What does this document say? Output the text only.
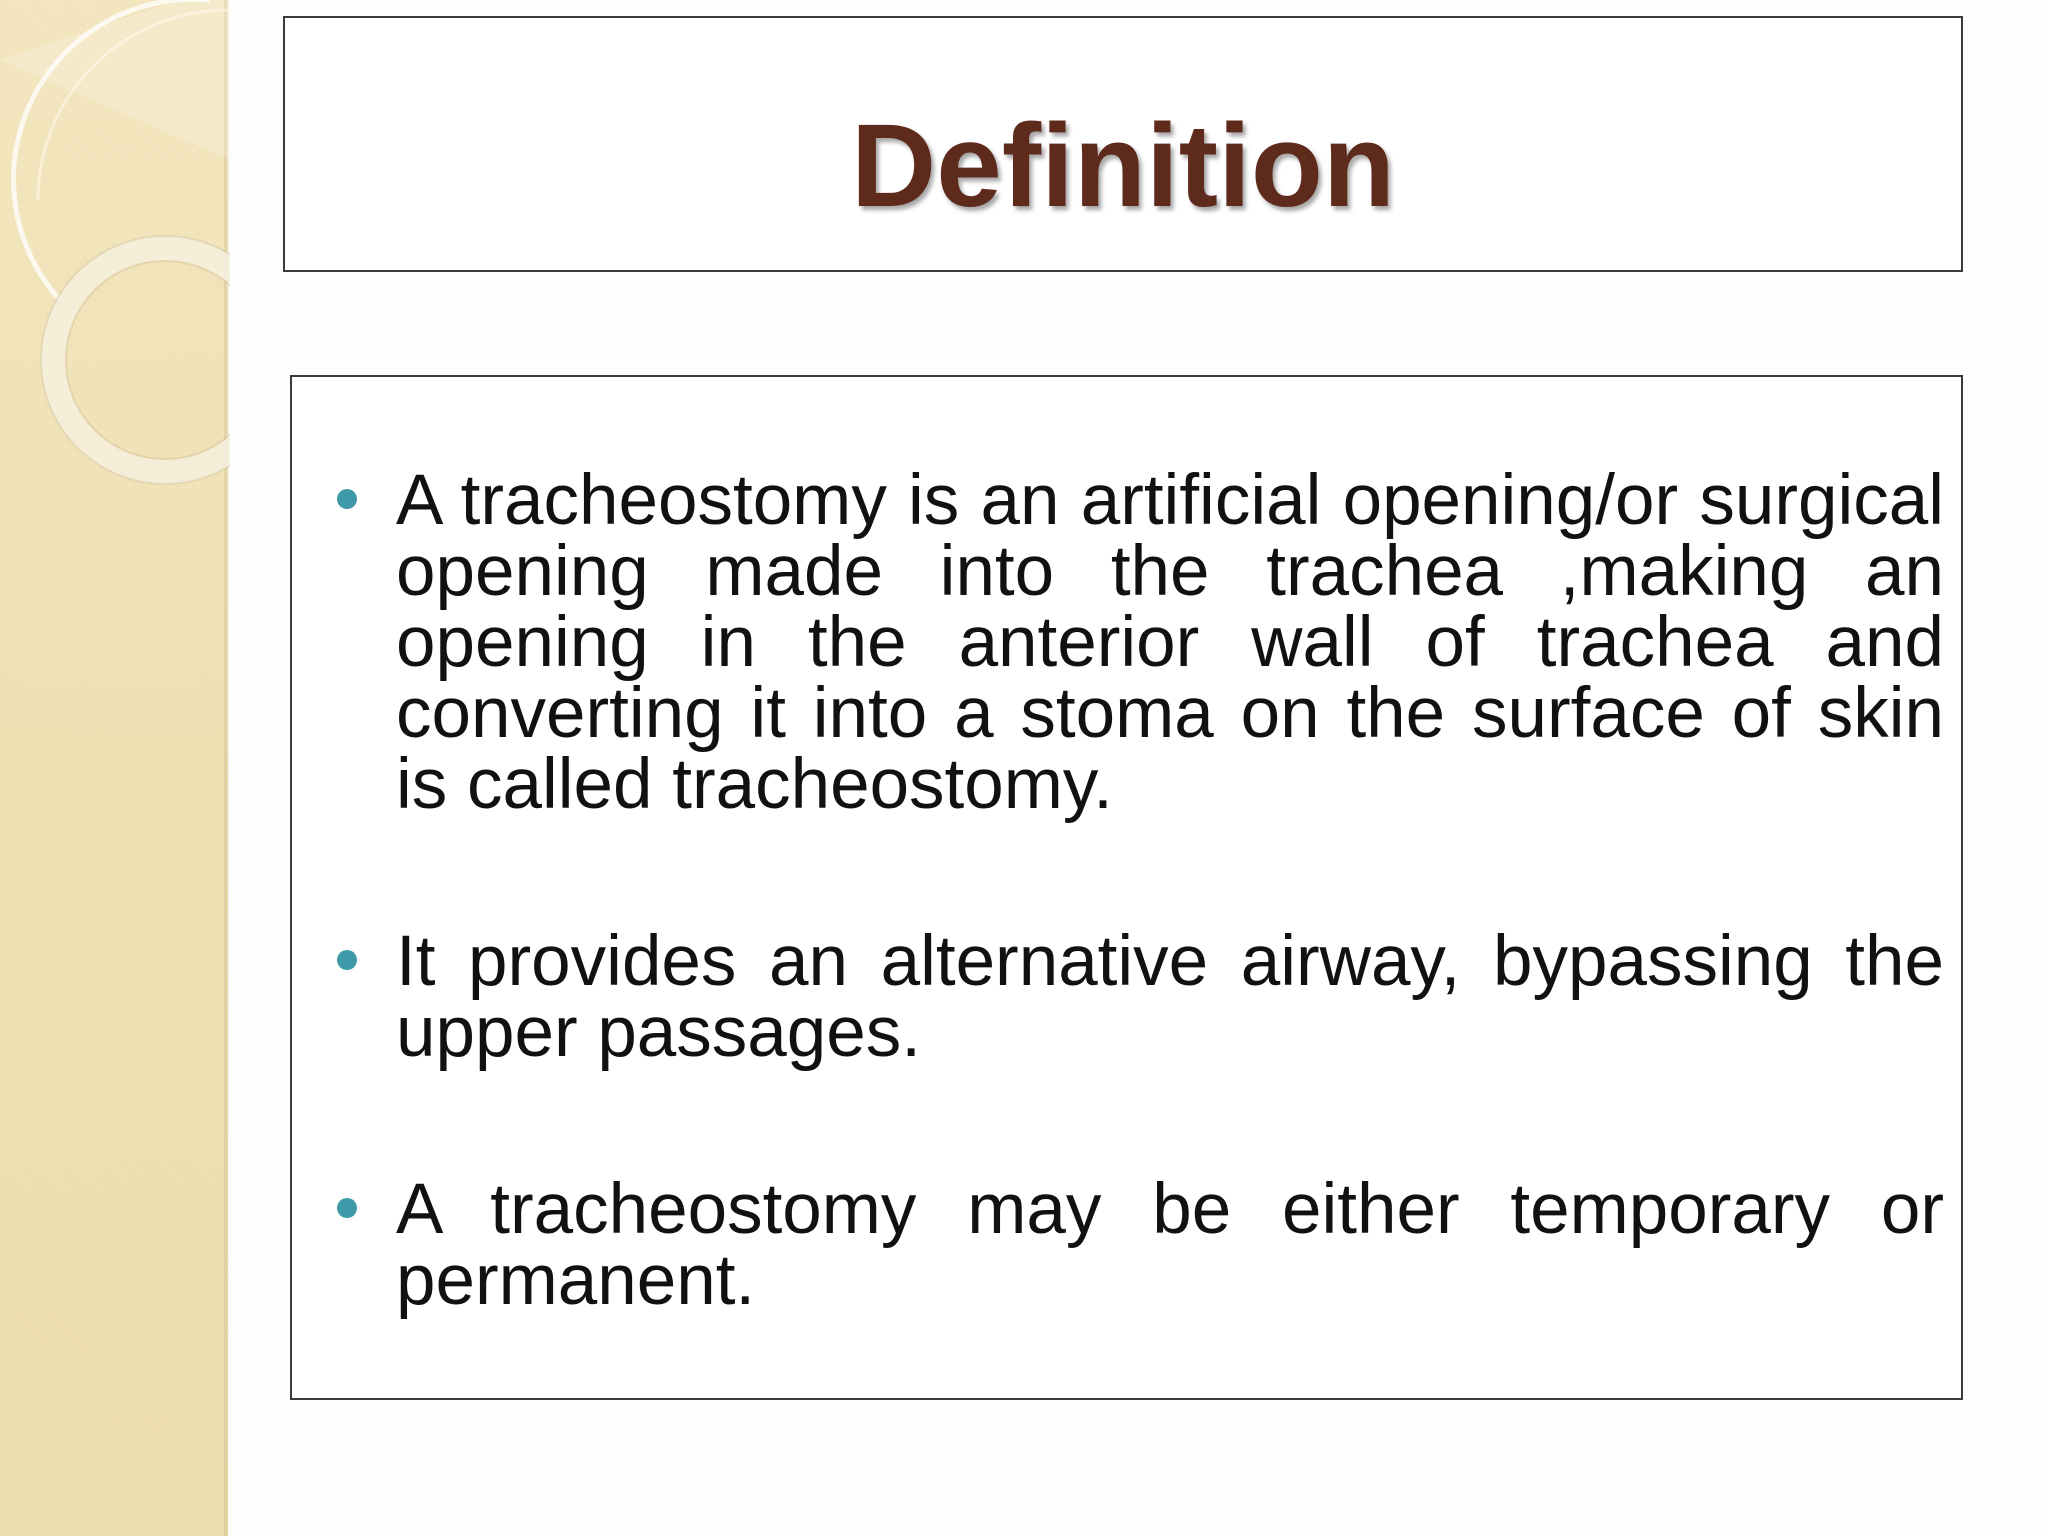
Definition
A tracheostomy is an artificial opening/or surgical opening made into the trachea ,making an opening in the anterior wall of trachea and converting it into a stoma on the surface of skin is called tracheostomy.
It provides an alternative airway, bypassing the upper passages.
A tracheostomy may be either temporary or permanent.
